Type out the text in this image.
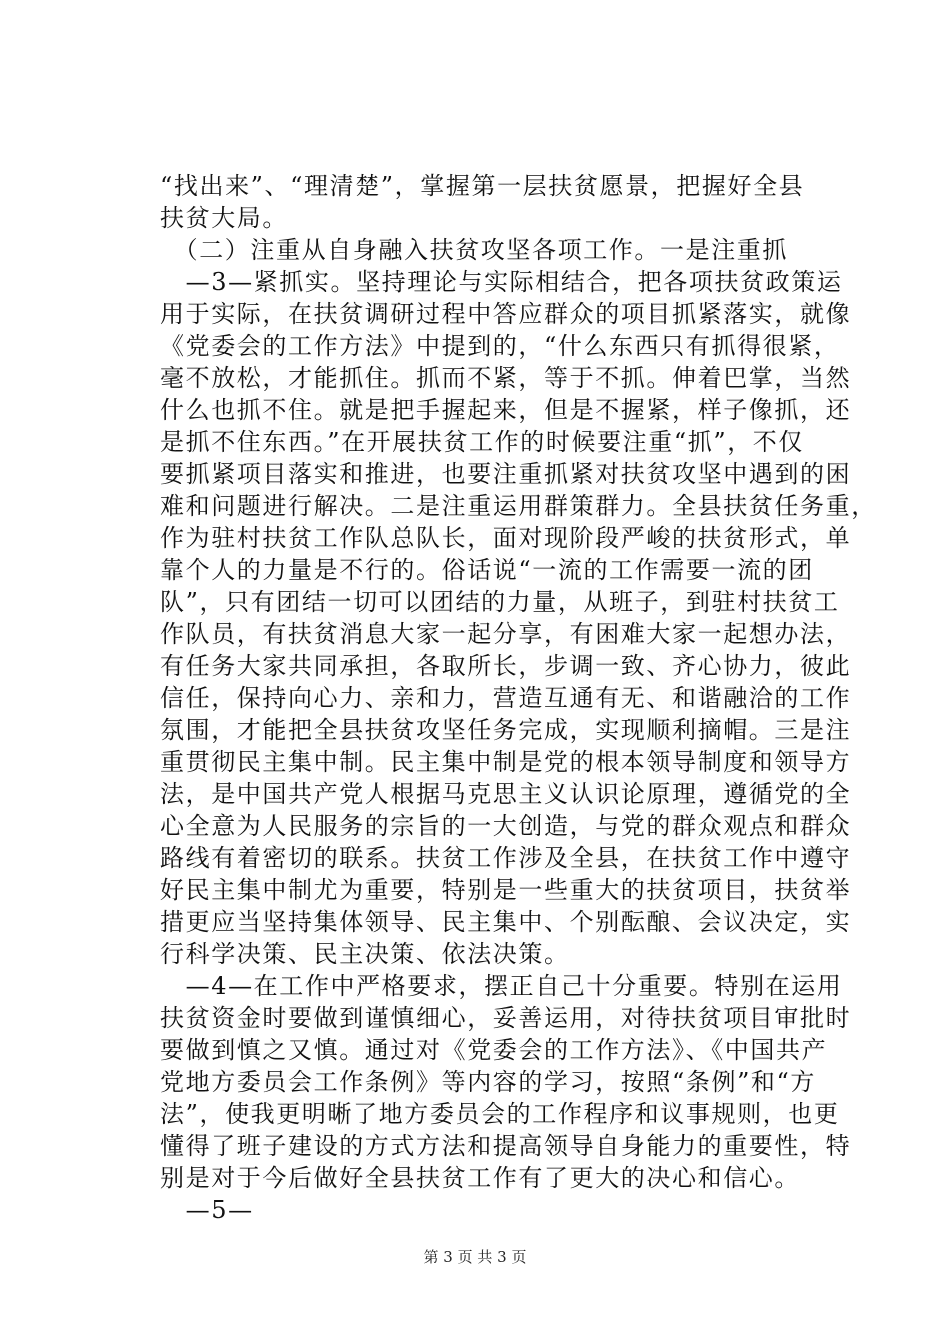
“找出来”、“理清楚”，掌握第一层扶贫愿景，把握好全县
扶贫大局。
　（二）注重从自身融入扶贫攻坚各项工作。一是注重抓
　—3—紧抓实。坚持理论与实际相结合，把各项扶贫政策运
用于实际，在扶贫调研过程中答应群众的项目抓紧落实，就像
《党委会的工作方法》中提到的，“什么东西只有抓得很紧，
毫不放松，才能抓住。抓而不紧，等于不抓。伸着巴掌，当然
什么也抓不住。就是把手握起来，但是不握紧，样子像抓，还
是抓不住东西。”在开展扶贫工作的时候要注重“抓”，不仅
要抓紧项目落实和推进，也要注重抓紧对扶贫攻坚中遇到的困
难和问题进行解决。二是注重运用群策群力。全县扶贫任务重，
作为驻村扶贫工作队总队长，面对现阶段严峻的扶贫形式，单
靠个人的力量是不行的。俗话说“一流的工作需要一流的团
队”，只有团结一切可以团结的力量，从班子，到驻村扶贫工
作队员，有扶贫消息大家一起分享，有困难大家一起想办法，
有任务大家共同承担，各取所长，步调一致、齐心协力，彼此
信任，保持向心力、亲和力，营造互通有无、和谐融洽的工作
氛围，才能把全县扶贫攻坚任务完成，实现顺利摘帽。三是注
重贯彻民主集中制。民主集中制是党的根本领导制度和领导方
法，是中国共产党人根据马克思主义认识论原理，遵循党的全
心全意为人民服务的宗旨的一大创造，与党的群众观点和群众
路线有着密切的联系。扶贫工作涉及全县，在扶贫工作中遵守
好民主集中制尤为重要，特别是一些重大的扶贫项目，扶贫举
措更应当坚持集体领导、民主集中、个别酝酿、会议决定，实
行科学决策、民主决策、依法决策。
　—4—在工作中严格要求，摆正自己十分重要。特别在运用
扶贫资金时要做到谨慎细心，妥善运用，对待扶贫项目审批时
要做到慎之又慎。通过对《党委会的工作方法》、《中国共产
党地方委员会工作条例》等内容的学习，按照“条例”和“方
法”，使我更明晰了地方委员会的工作程序和议事规则，也更
懂得了班子建设的方式方法和提高领导自身能力的重要性，特
别是对于今后做好全县扶贫工作有了更大的决心和信心。
　—5—
第 3 页 共 3 页
